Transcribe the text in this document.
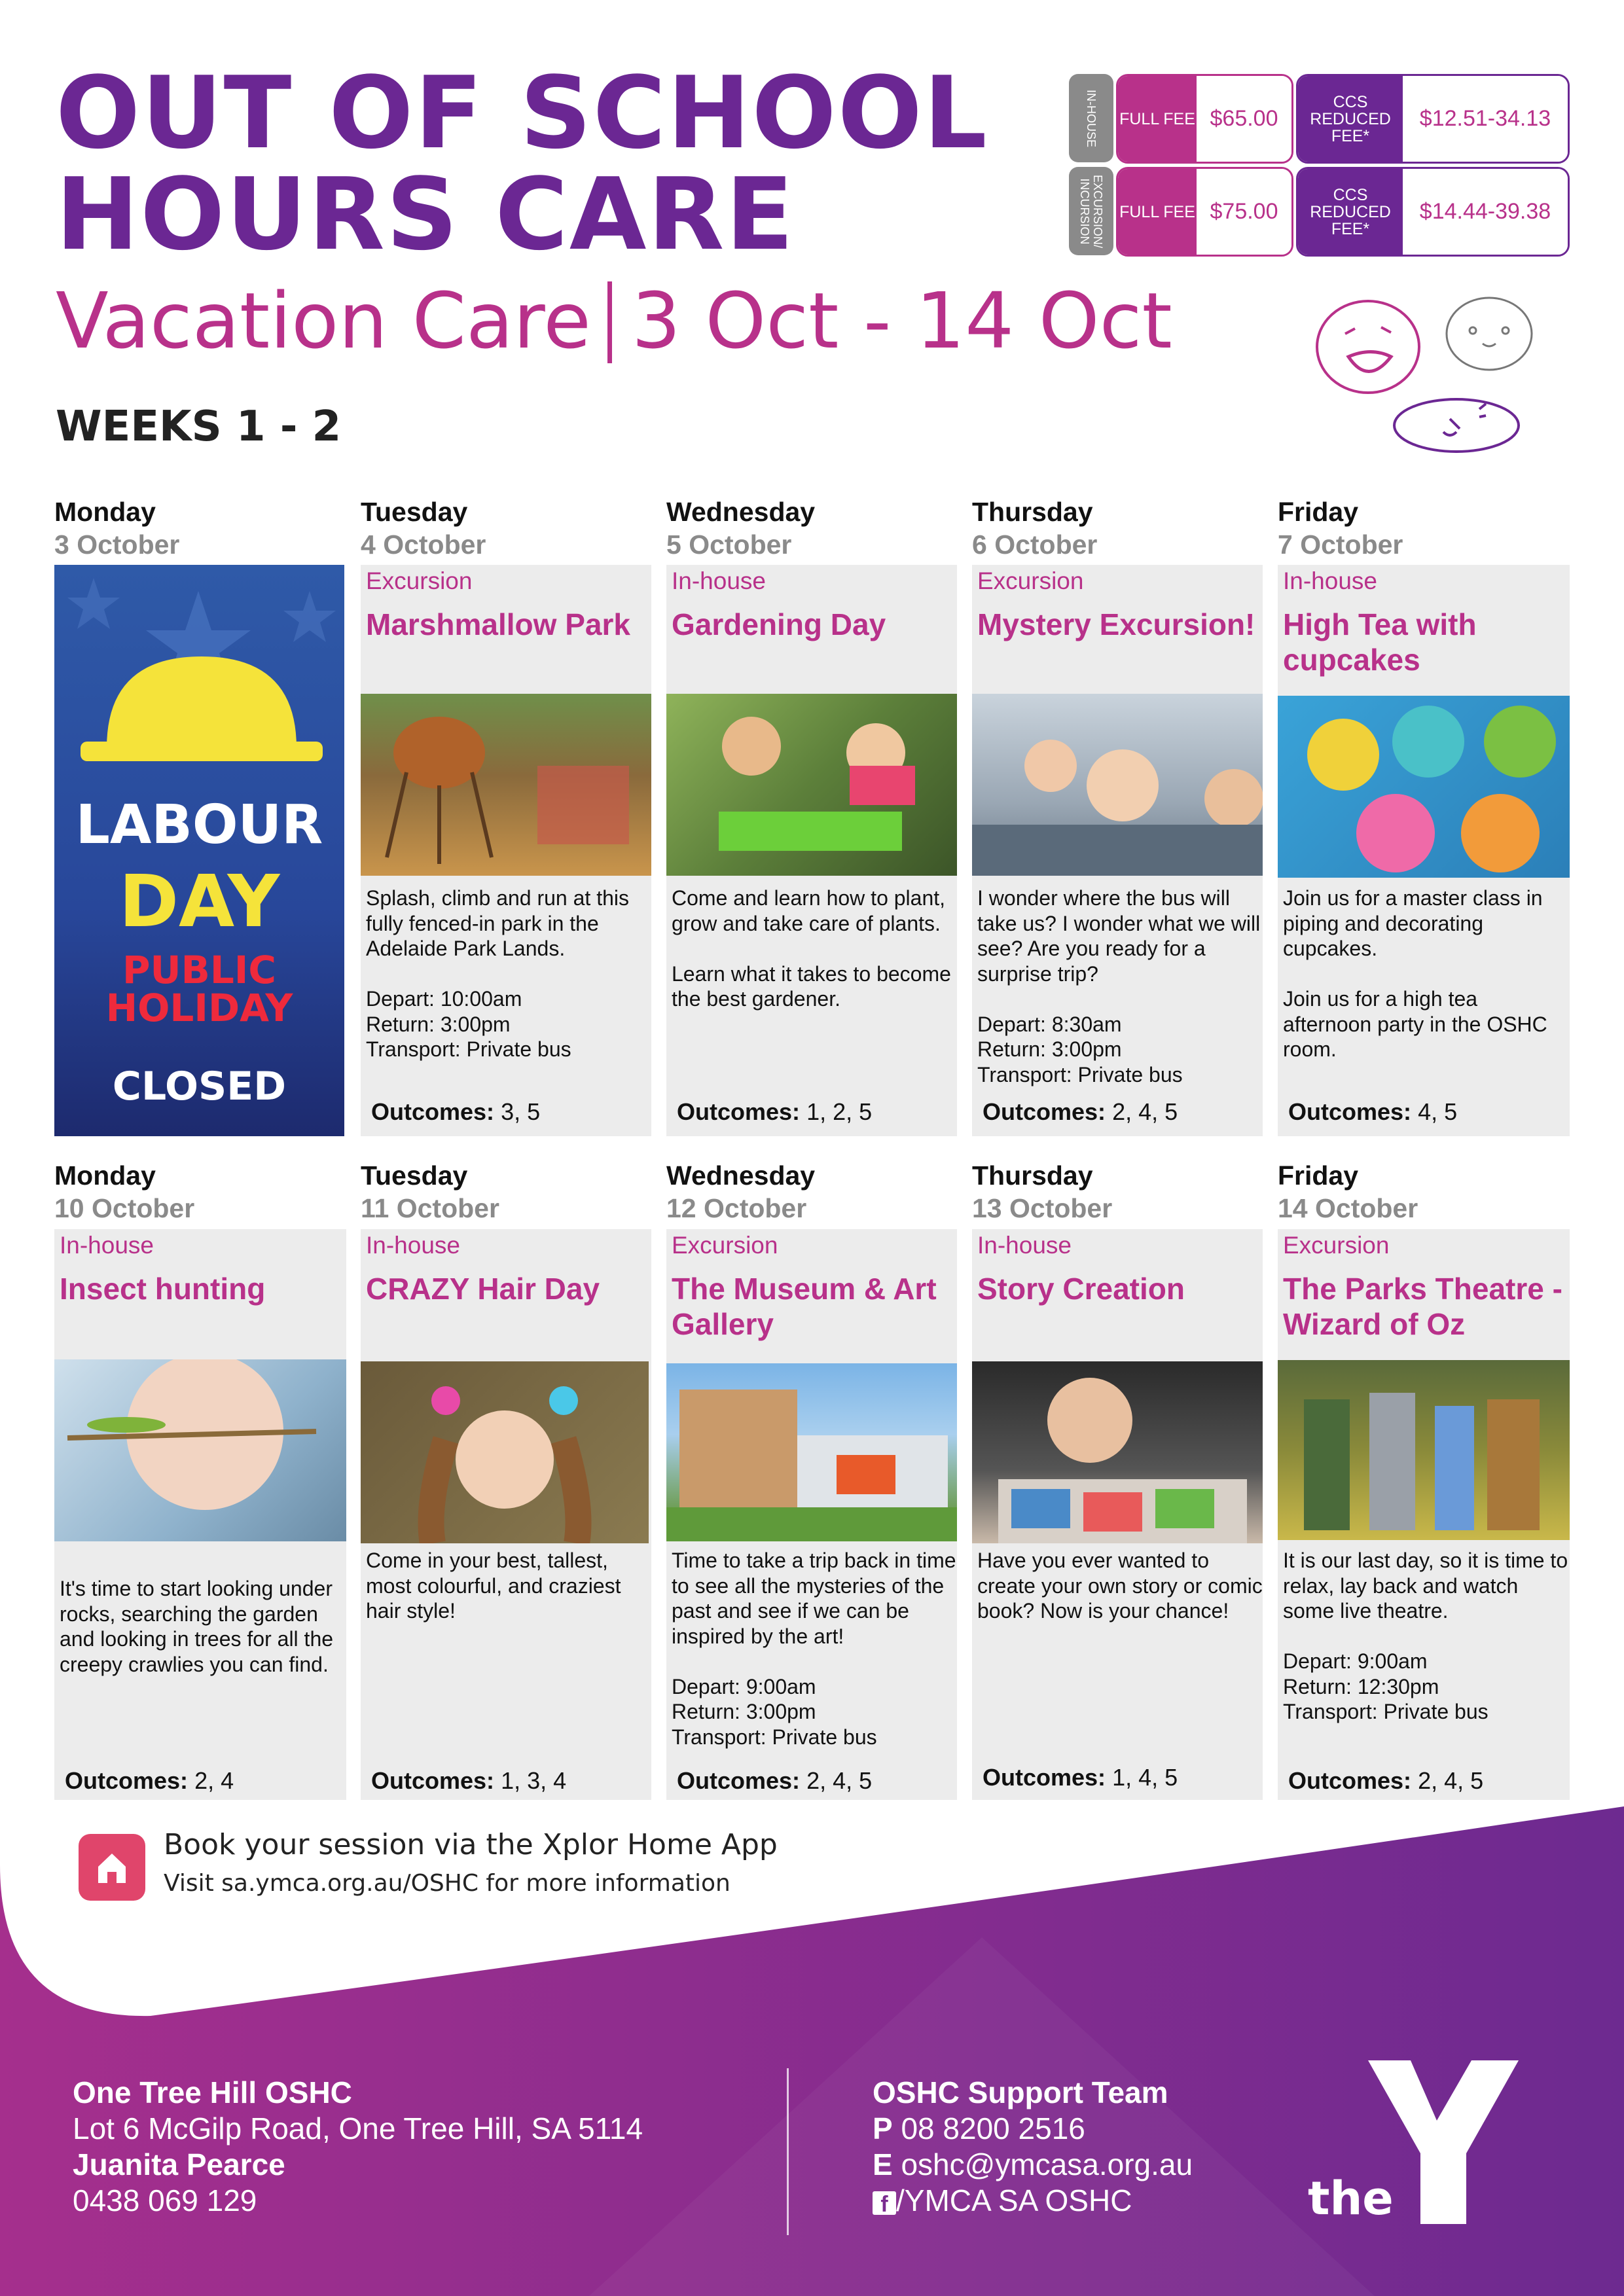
OUT OF SCHOOL
HOURS CARE
Vacation Care 3 Oct - 14 Oct
WEEKS 1 - 2
IN-HOUSE FULL FEE $65.00
CCS REDUCED FEE*
$12.51-34.13
EXCURSION/ INCURSION	FULL FEE $75.00
CCS REDUCED FEE*
$14.44-39.38
Monday
3 October
LABOUR
DAY
PUBLIC
HOLIDAY
CLOSED
Tuesday
4 October
Excursion
Marshmallow Park
Splash, climb and run at this fully fenced-in park in the Adelaide Park Lands.

Depart: 10:00am
Return: 3:00pm
Transport: Private bus
Outcomes: 3, 5
Wednesday
5 October
In-house
Gardening Day
Come and learn how to plant, grow and take care of plants.

Learn what it takes to become the best gardener.
Outcomes: 1, 2, 5
Thursday
6 October
Excursion
Mystery Excursion!
I wonder where the bus will take us? I wonder what we will see? Are you ready for a surprise trip?

Depart: 8:30am
Return: 3:00pm
Transport: Private bus
Outcomes: 2, 4, 5
Friday
7 October
In-house
High Tea with cupcakes
Join us for a master class in piping and decorating cupcakes.

Join us for a high tea afternoon party in the OSHC room.
Outcomes: 4, 5
Monday
10 October
In-house
Insect hunting
It's time to start looking under rocks, searching the garden and looking in trees for all the creepy crawlies you can find.
Outcomes: 2, 4
Tuesday
11 October
In-house
CRAZY Hair Day
Come in your best, tallest, most colourful, and craziest hair style!
Outcomes: 1, 3, 4
Wednesday
12 October
Excursion
The Museum & Art Gallery
Time to take a trip back in time to see all the mysteries of the past and see if we can be inspired by the art!

Depart: 9:00am
Return: 3:00pm
Transport: Private bus
Outcomes: 2, 4, 5
Thursday
13 October
In-house
Story Creation
Have you ever wanted to create your own story or comic book? Now is your chance!
Outcomes: 1, 4, 5
Friday
14 October
Excursion
The Parks Theatre - Wizard of Oz
It is our last day, so it is time to relax, lay back and watch some live theatre.

Depart: 9:00am
Return: 12:30pm
Transport: Private bus
Outcomes: 2, 4, 5
Book your session via the Xplor Home App
Visit sa.ymca.org.au/OSHC for more information
One Tree Hill OSHC
Lot 6 McGilp Road, One Tree Hill, SA 5114
Juanita Pearce
0438 069 129
OSHC Support Team
P 08 8200 2516
E oshc@ymcasa.org.au
f /YMCA SA OSHC	the
